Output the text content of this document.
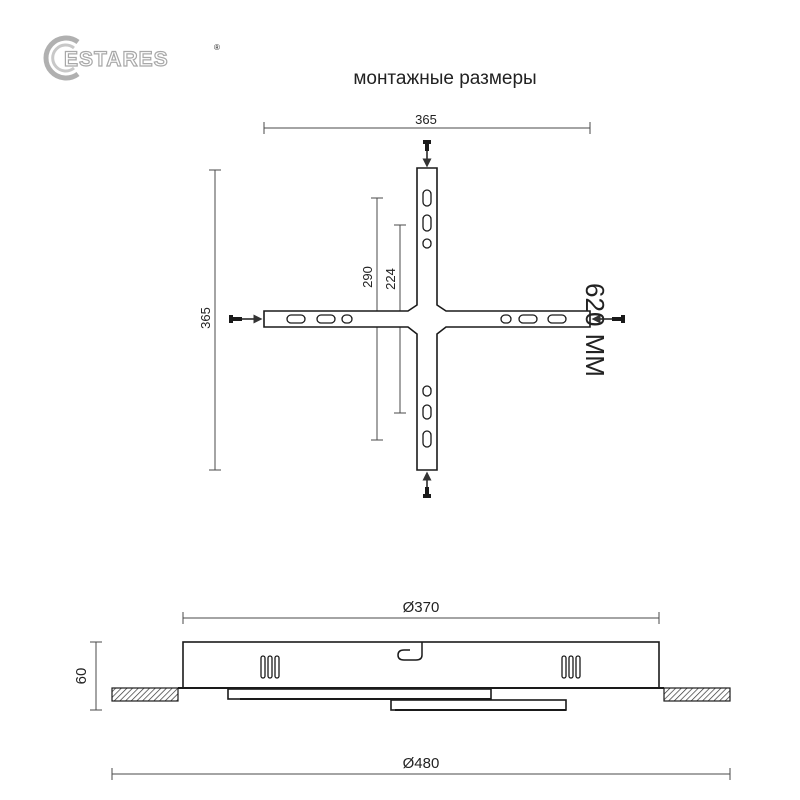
ESTARES
®
монтажные размеры
365
365
290 224
620 MM
Ø370
60
Ø480
